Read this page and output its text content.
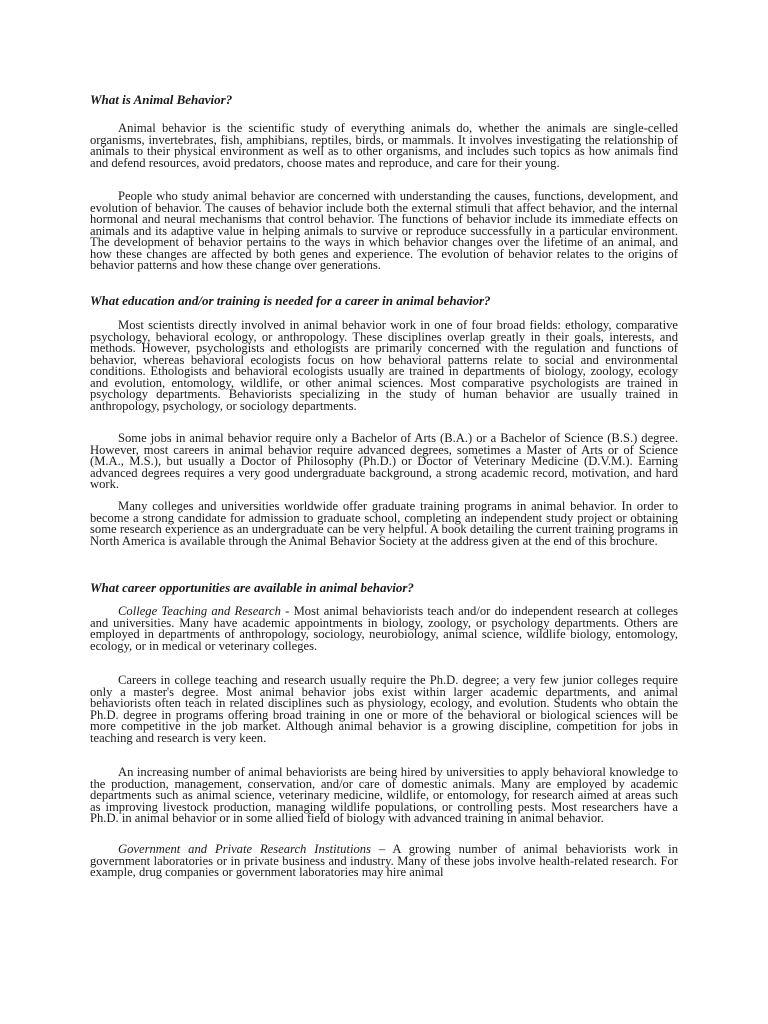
What is Animal Behavior?

Animal behavior is the scientific study of everything animals do, whether the animals are single-celled organisms, invertebrates, fish, amphibians, reptiles, birds, or mammals. It involves investigating the relationship of animals to their physical environment as well as to other organisms, and includes such topics as how animals find and defend resources, avoid predators, choose mates and reproduce, and care for their young.

People who study animal behavior are concerned with understanding the causes, functions, development, and evolution of behavior. The causes of behavior include both the external stimuli that affect behavior, and the internal hormonal and neural mechanisms that control behavior. The functions of behavior include its immediate effects on animals and its adaptive value in helping animals to survive or reproduce successfully in a particular environment. The development of behavior pertains to the ways in which behavior changes over the lifetime of an animal, and how these changes are affected by both genes and experience. The evolution of behavior relates to the origins of behavior patterns and how these change over generations.

What education and/or training is needed for a career in animal behavior?

Most scientists directly involved in animal behavior work in one of four broad fields: ethology, comparative psychology, behavioral ecology, or anthropology. These disciplines overlap greatly in their goals, interests, and methods. However, psychologists and ethologists are primarily concerned with the regulation and functions of behavior, whereas behavioral ecologists focus on how behavioral patterns relate to social and environmental conditions. Ethologists and behavioral ecologists usually are trained in departments of biology, zoology, ecology and evolution, entomology, wildlife, or other animal sciences. Most comparative psychologists are trained in psychology departments. Behaviorists specializing in the study of human behavior are usually trained in anthropology, psychology, or sociology departments.

Some jobs in animal behavior require only a Bachelor of Arts (B.A.) or a Bachelor of Science (B.S.) degree. However, most careers in animal behavior require advanced degrees, sometimes a Master of Arts or of Science (M.A., M.S.), but usually a Doctor of Philosophy (Ph.D.) or Doctor of Veterinary Medicine (D.V.M.). Earning advanced degrees requires a very good undergraduate background, a strong academic record, motivation, and hard work.

Many colleges and universities worldwide offer graduate training programs in animal behavior. In order to become a strong candidate for admission to graduate school, completing an independent study project or obtaining some research experience as an undergraduate can be very helpful. A book detailing the current training programs in North America is available through the Animal Behavior Society at the address given at the end of this brochure.

What career opportunities are available in animal behavior?

College Teaching and Research - Most animal behaviorists teach and/or do independent research at colleges and universities. Many have academic appointments in biology, zoology, or psychology departments. Others are employed in departments of anthropology, sociology, neurobiology, animal science, wildlife biology, entomology, ecology, or in medical or veterinary colleges.

Careers in college teaching and research usually require the Ph.D. degree; a very few junior colleges require only a master's degree. Most animal behavior jobs exist within larger academic departments, and animal behaviorists often teach in related disciplines such as physiology, ecology, and evolution. Students who obtain the Ph.D. degree in programs offering broad training in one or more of the behavioral or biological sciences will be more competitive in the job market. Although animal behavior is a growing discipline, competition for jobs in teaching and research is very keen.

An increasing number of animal behaviorists are being hired by universities to apply behavioral knowledge to the production, management, conservation, and/or care of domestic animals. Many are employed by academic departments such as animal science, veterinary medicine, wildlife, or entomology, for research aimed at areas such as improving livestock production, managing wildlife populations, or controlling pests. Most researchers have a Ph.D. in animal behavior or in some allied field of biology with advanced training in animal behavior.

Government and Private Research Institutions – A growing number of animal behaviorists work in government laboratories or in private business and industry. Many of these jobs involve health-related research. For example, drug companies or government laboratories may hire animal
